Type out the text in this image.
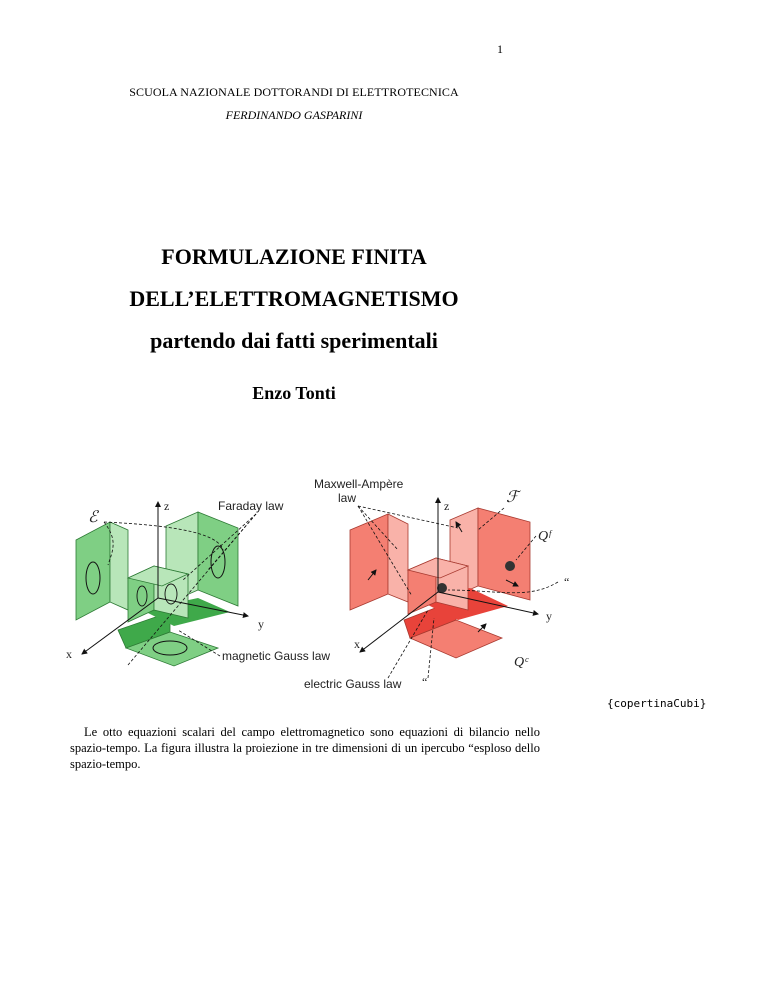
1
SCUOLA NAZIONALE DOTTORANDI DI ELETTROTECNICA
FERDINANDO GASPARINI
FORMULAZIONE FINITA
DELL’ELETTROMAGNETISMO
partendo dai fatti sperimentali
Enzo Tonti
z
y
x
ℰ
Faraday law
magnetic Gauss law
z
y
x
Maxwell-Ampère
law	ℱ
Qᶠ
“
Qᶜ
electric Gauss law “
{copertinaCubi}
Le otto equazioni scalari del campo elettromagnetico sono equazioni di bilancio nello spazio-tempo. La figura illustra la proiezione in tre dimensioni di un ipercubo “esploso dello spazio-tempo.
